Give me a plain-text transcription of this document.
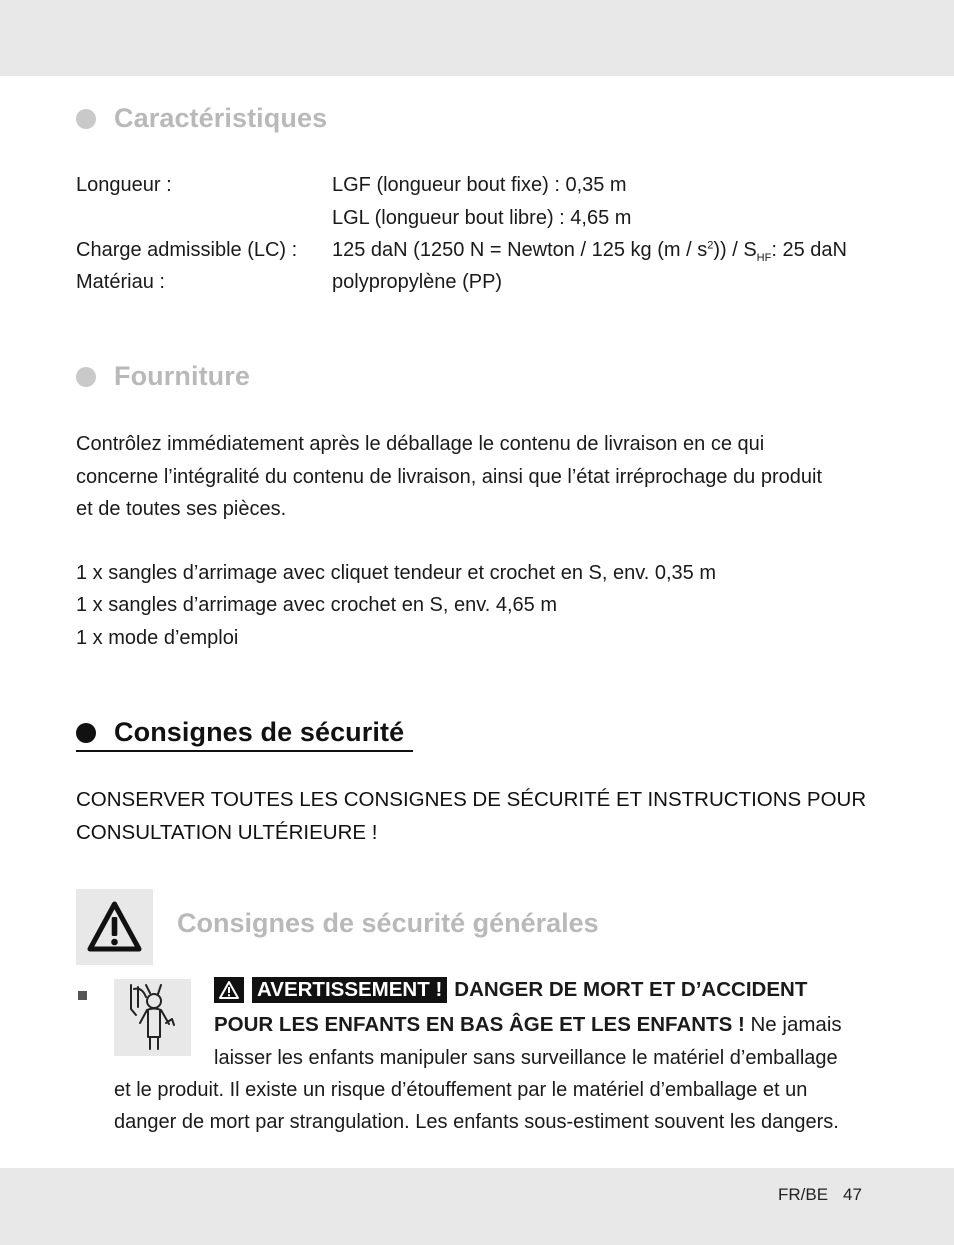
Caractéristiques
Longueur :	LGF (longueur bout fixe) : 0,35 m
LGL (longueur bout libre) : 4,65 m
Charge admissible (LC) : 125 daN (1250 N = Newton / 125 kg $(m / s^2)) / S_{HF}$: 25 daN
Matériau :	polypropylène (PP)
Fourniture
Contrôlez immédiatement après le déballage le contenu de livraison en ce qui
concerne l’intégralité du contenu de livraison, ainsi que l’état irréprochage du produit
et de toutes ses pièces.
1 x sangles d’arrimage avec cliquet tendeur et crochet en S, env. 0,35 m
1 x sangles d’arrimage avec crochet en S, env. 4,65 m
1 x mode d’emploi
Consignes de sécurité
CONSERVER TOUTES LES CONSIGNES DE SÉCURITÉ ET INSTRUCTIONS POUR
CONSULTATION ULTÉRIEURE !
Consignes de sécurité générales
AVERTISSEMENT ! DANGER DE MORT ET D’ACCIDENT
POUR LES ENFANTS EN BAS ÂGE ET LES ENFANTS ! Ne jamais
laisser les enfants manipuler sans surveillance le matériel d’emballage
et le produit. Il existe un risque d’étouffement par le matériel d’emballage et un
danger de mort par strangulation. Les enfants sous-estiment souvent les dangers.
FR/BE 47
